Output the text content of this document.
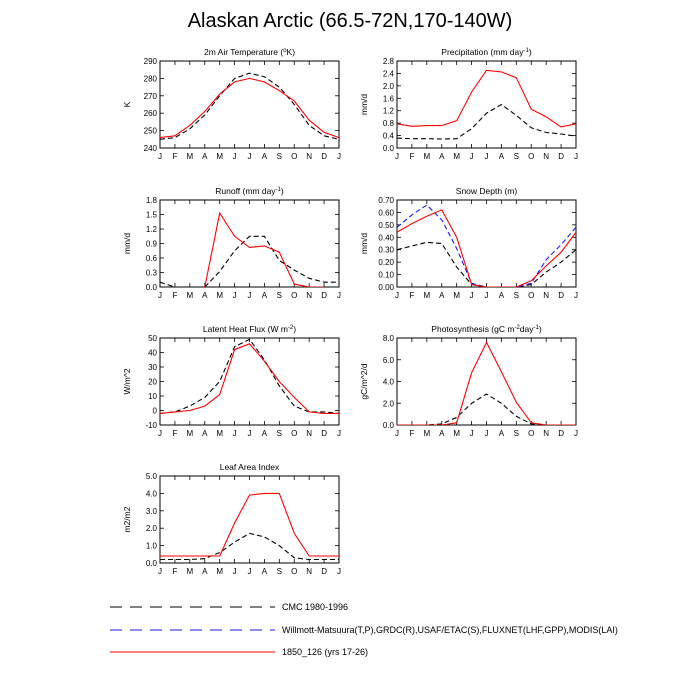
Alaskan Arctic (66.5-72N,170-140W)
2m Air Temperature ($^o$K)
240
250
260
270
280
290
J F M A M J J A S O N D J
K
Precipitation (mm day$^{-1}$)
0.0
0.4
0.8
1.2
1.6
2.0
2.4
2.8
J F M A M J J A S O N D J
mm/d
Runoff (mm day$^{-1}$)
0.0
0.3
0.6
0.9
1.2
1.5
1.8
J F M A M J J A S O N D J
mm/d
Snow Depth (m)
0.00
0.10
0.20
0.30
0.40
0.50
0.60
0.70
J F M A M J J A S O N D J
mm/d
Latent Heat Flux (W $m^{-2}$)
-10
0
10
20
30
40
50
J F M A M J J A S O N D J
W/m^2
Photosynthesis (gC $m^{-2}day^{-1}$)
0.0
2.0
4.0
6.0
8.0
J F M A M J J A S O N D J
gC/m^2/d
Leaf Area Index
0.0
1.0
2.0
3.0
4.0
5.0
J F M A M J J A S O N D J
m2/m2
CMC 1980-1996
Willmott-Matsuura(T,P),GRDC(R),USAF/ETAC(S),FLUXNET(LHF,GPP),MODIS(LAI)
1850_126 (yrs 17-26)
